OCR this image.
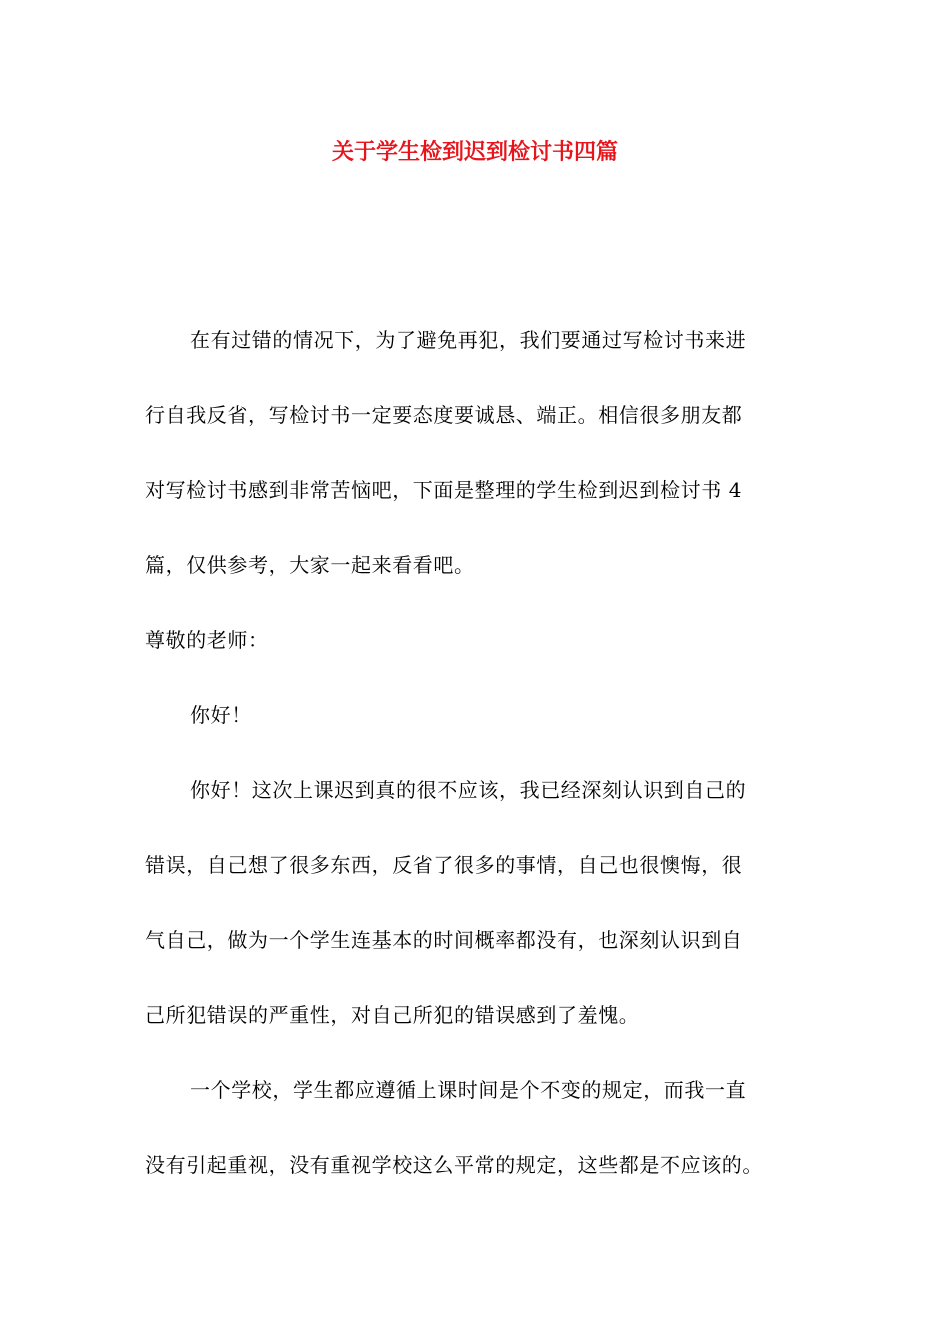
关于学生检到迟到检讨书四篇
在有过错的情况下，为了避免再犯，我们要通过写检讨书来进
行自我反省，写检讨书一定要态度要诚恳、端正。相信很多朋友都
对写检讨书感到非常苦恼吧，下面是整理的学生检到迟到检讨书 4
篇，仅供参考，大家一起来看看吧。
尊敬的老师：
你好！
你好！这次上课迟到真的很不应该，我已经深刻认识到自己的
错误，自己想了很多东西，反省了很多的事情，自己也很懊悔，很
气自己，做为一个学生连基本的时间概率都没有，也深刻认识到自
己所犯错误的严重性，对自己所犯的错误感到了羞愧。
一个学校，学生都应遵循上课时间是个不变的规定，而我一直
没有引起重视，没有重视学校这么平常的规定，这些都是不应该的。
